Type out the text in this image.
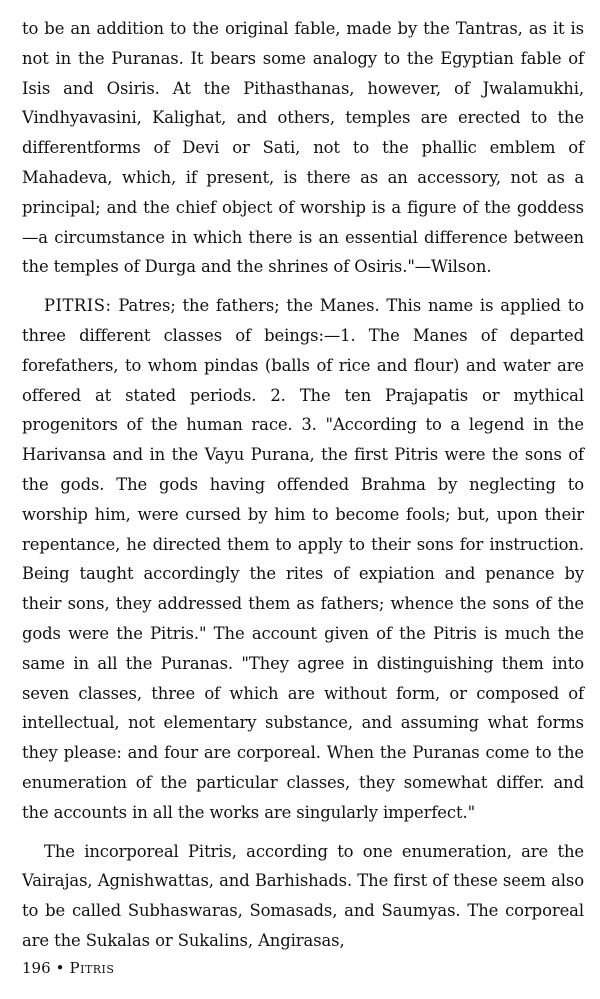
to be an addition to the original fable, made by the Tantras, as it is not in the Puranas. It bears some analogy to the Egyptian fable of Isis and Osiris. At the Pithasthanas, however, of Jwalamukhi, Vindhyavasini, Kalighat, and others, temples are erected to the differentforms of Devi or Sati, not to the phallic emblem of Mahadeva, which, if present, is there as an accessory, not as a principal; and the chief object of worship is a figure of the goddess—a circumstance in which there is an essential difference between the temples of Durga and the shrines of Osiris."—Wilson.

PITRIS: Patres; the fathers; the Manes. This name is applied to three different classes of beings:—1. The Manes of departed forefathers, to whom pindas (balls of rice and flour) and water are offered at stated periods. 2. The ten Prajapatis or mythical progenitors of the human race. 3. "According to a legend in the Harivansa and in the Vayu Purana, the first Pitris were the sons of the gods. The gods having offended Brahma by neglecting to worship him, were cursed by him to become fools; but, upon their repentance, he directed them to apply to their sons for instruction. Being taught accordingly the rites of expiation and penance by their sons, they addressed them as fathers; whence the sons of the gods were the Pitris." The account given of the Pitris is much the same in all the Puranas. "They agree in distinguishing them into seven classes, three of which are without form, or composed of intellectual, not elementary substance, and assuming what forms they please: and four are corporeal. When the Puranas come to the enumeration of the particular classes, they somewhat differ. and the accounts in all the works are singularly imperfect."

The incorporeal Pitris, according to one enumeration, are the Vairajas, Agnishwattas, and Barhishads. The first of these seem also to be called Subhaswaras, Somasads, and Saumyas. The corporeal are the Sukalas or Sukalins, Angirasas,

196 • Pitris
